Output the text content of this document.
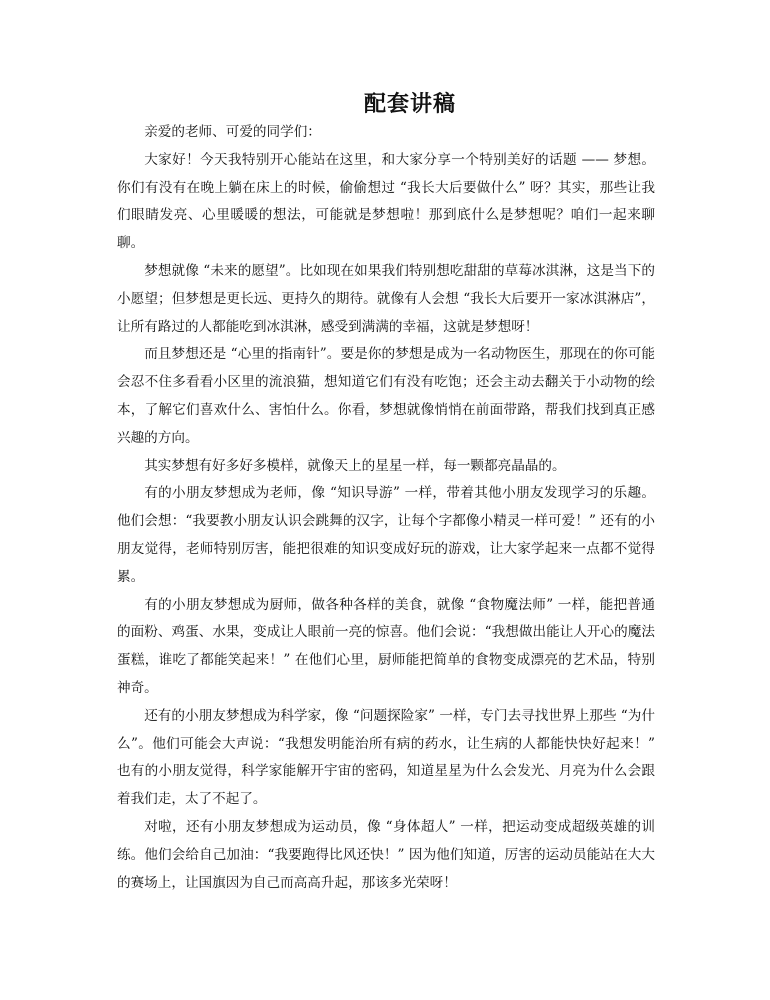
配套讲稿

亲爱的老师、可爱的同学们：

大家好！今天我特别开心能站在这里，和大家分享一个特别美好的话题 —— 梦想。你们有没有在晚上躺在床上的时候，偷偷想过 “我长大后要做什么” 呀？其实，那些让我们眼睛发亮、心里暖暖的想法，可能就是梦想啦！那到底什么是梦想呢？咱们一起来聊聊。

梦想就像 “未来的愿望”。比如现在如果我们特别想吃甜甜的草莓冰淇淋，这是当下的小愿望；但梦想是更长远、更持久的期待。就像有人会想 “我长大后要开一家冰淇淋店”，让所有路过的人都能吃到冰淇淋，感受到满满的幸福，这就是梦想呀！

而且梦想还是 “心里的指南针”。要是你的梦想是成为一名动物医生，那现在的你可能会忍不住多看看小区里的流浪猫，想知道它们有没有吃饱；还会主动去翻关于小动物的绘本，了解它们喜欢什么、害怕什么。你看，梦想就像悄悄在前面带路，帮我们找到真正感兴趣的方向。

其实梦想有好多好多模样，就像天上的星星一样，每一颗都亮晶晶的。

有的小朋友梦想成为老师，像 “知识导游” 一样，带着其他小朋友发现学习的乐趣。他们会想：“我要教小朋友认识会跳舞的汉字，让每个字都像小精灵一样可爱！” 还有的小朋友觉得，老师特别厉害，能把很难的知识变成好玩的游戏，让大家学起来一点都不觉得累。

有的小朋友梦想成为厨师，做各种各样的美食，就像 “食物魔法师” 一样，能把普通的面粉、鸡蛋、水果，变成让人眼前一亮的惊喜。他们会说：“我想做出能让人开心的魔法蛋糕，谁吃了都能笑起来！” 在他们心里，厨师能把简单的食物变成漂亮的艺术品，特别神奇。

还有的小朋友梦想成为科学家，像 “问题探险家” 一样，专门去寻找世界上那些 “为什么”。他们可能会大声说：“我想发明能治所有病的药水，让生病的人都能快快好起来！” 也有的小朋友觉得，科学家能解开宇宙的密码，知道星星为什么会发光、月亮为什么会跟着我们走，太了不起了。

对啦，还有小朋友梦想成为运动员，像 “身体超人” 一样，把运动变成超级英雄的训练。他们会给自己加油：“我要跑得比风还快！” 因为他们知道，厉害的运动员能站在大大的赛场上，让国旗因为自己而高高升起，那该多光荣呀！
